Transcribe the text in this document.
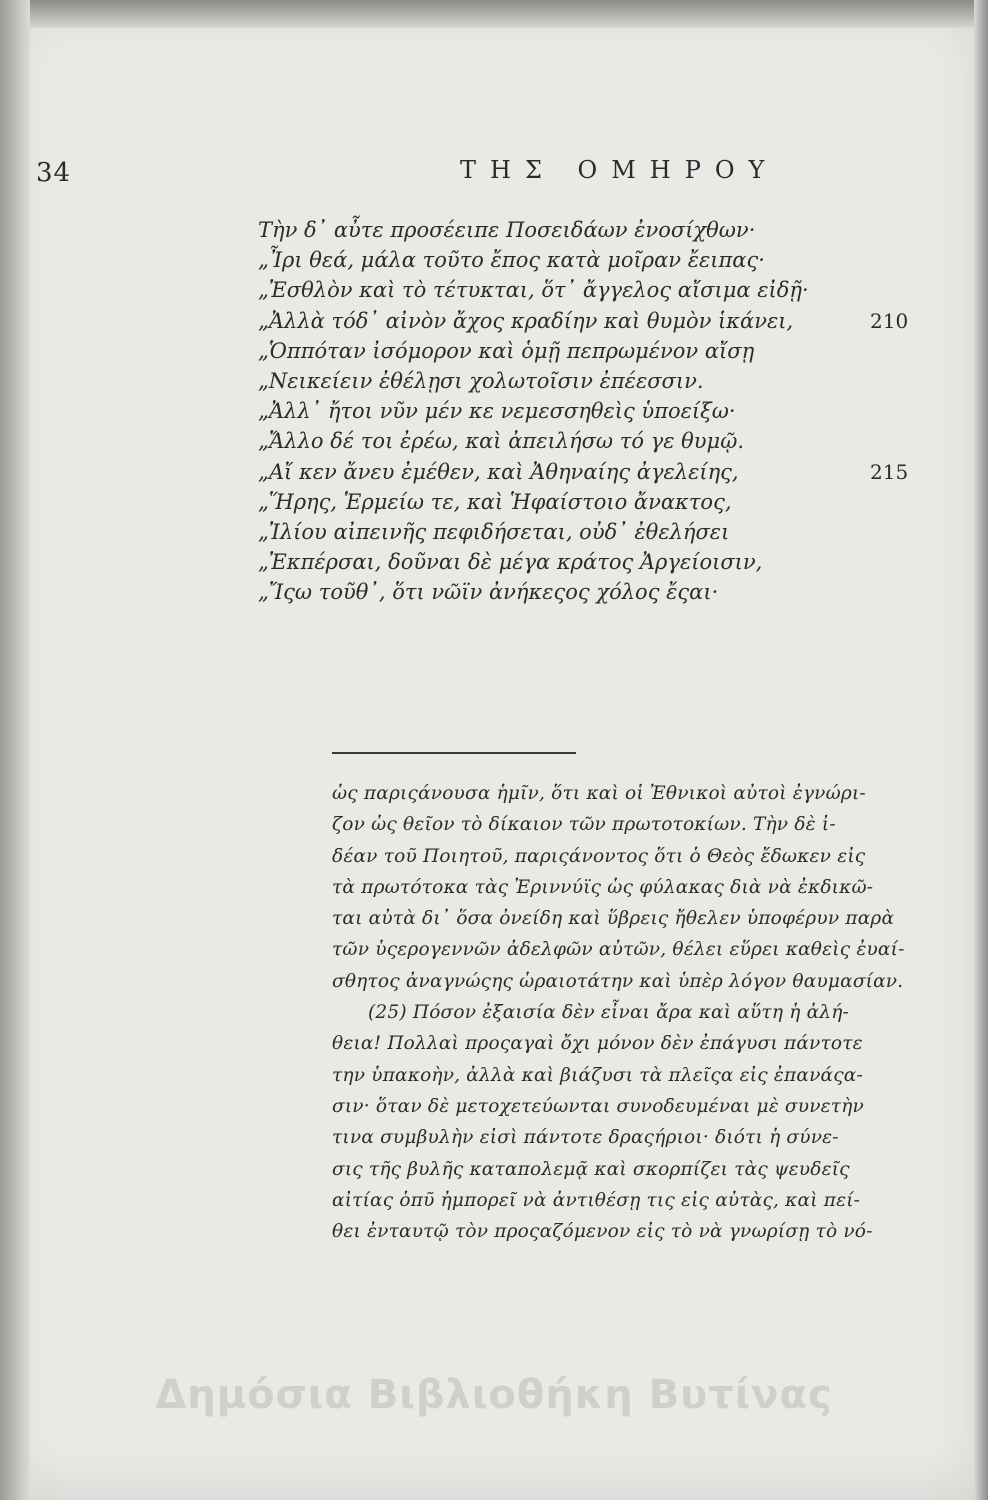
34	ΤΗΣ ΟΜΗΡΟΥ
Τὴν δ᾽ αὖτε προσέειπε Ποσειδάων ἐνοσίχθων·
„Ἶρι θεά, μάλα τοῦτο ἔπος κατὰ μοῖραν ἔειπας·
„Ἐσθλὸν καὶ τὸ τέτυκται, ὅτ᾽ ἄγγελος αἴσιμα εἰδῇ·
„Ἀλλὰ τόδ᾽ αἰνὸν ἄχος κραδίην καὶ θυμὸν ἱκάνει,	210
„Ὁππόταν ἰσόμορον καὶ ὁμῇ πεπρωμένον αἴσῃ
„Νεικείειν ἐθέλῃσι χολωτοῖσιν ἐπέεσσιν.
„Ἀλλ᾽ ἤτοι νῦν μέν κε νεμεσσηθεὶς ὑποείξω·
„Ἄλλο δέ τοι ἐρέω, καὶ ἀπειλήσω τό γε θυμῷ.
„Αἴ κεν ἄνευ ἐμέθεν, καὶ Ἀθηναίης ἀγελείης,	215
„Ἥρης, Ἑρμείω τε, καὶ Ἡφαίστοιο ἄνακτος,
„Ἰλίου αἰπεινῆς πεφιδήσεται, οὐδ᾽ ἐθελήσει
„Ἐκπέρσαι, δοῦναι δὲ μέγα κράτος Ἀργείοισιν,
„Ἴςω τοῦθ᾽, ὅτι νῶϊν ἀνήκεςος χόλος ἔςαι·
ὡς παριςάνουσα ἡμῖν, ὅτι καὶ οἱ Ἐθνικοὶ αὐτοὶ ἐγνώρι-
ζον ὡς θεῖον τὸ δίκαιον τῶν πρωτοτοκίων. Τὴν δὲ ἰ-
δέαν τοῦ Ποιητοῦ, παριςάνοντος ὅτι ὁ Θεὸς ἔδωκεν εἰς
τὰ πρωτότοκα τὰς Ἐριννύϊς ὡς φύλακας διὰ νὰ ἐκδικῶ-
ται αὐτὰ δι᾽ ὅσα ὀνείδη καὶ ὕβρεις ἤθελεν ὑποφέρυν παρὰ
τῶν ὑςερογεννῶν ἀδελφῶν αὐτῶν, θέλει εὕρει καθεὶς ἐυαί-
σθητος ἀναγνώςης ὡραιοτάτην καὶ ὑπὲρ λόγον θαυμασίαν.
(25) Πόσον ἐξαισία δὲν εἶναι ἄρα καὶ αὕτη ἡ ἀλή-
θεια! Πολλαὶ προςαγαὶ ὄχι μόνον δὲν ἐπάγυσι πάντοτε
την ὑπακοὴν, ἀλλὰ καὶ βιάζυσι τὰ πλεῖςα εἰς ἐπανάςα-
σιν· ὅταν δὲ μετοχετεύωνται συνοδευμέναι μὲ συνετὴν
τινα συμβυλὴν εἰσὶ πάντοτε δραςήριοι· διότι ἡ σύνε-
σις τῆς βυλῆς καταπολεμᾷ καὶ σκορπίζει τὰς ψευδεῖς
αἰτίας ὁπῦ ἠμπορεῖ νὰ ἀντιθέσῃ τις εἰς αὐτὰς, καὶ πεί-
θει ἐνταυτῷ τὸν προςαζόμενον εἰς τὸ νὰ γνωρίσῃ τὸ νό-
Δημόσια Βιβλιοθήκη Βυτίνας
